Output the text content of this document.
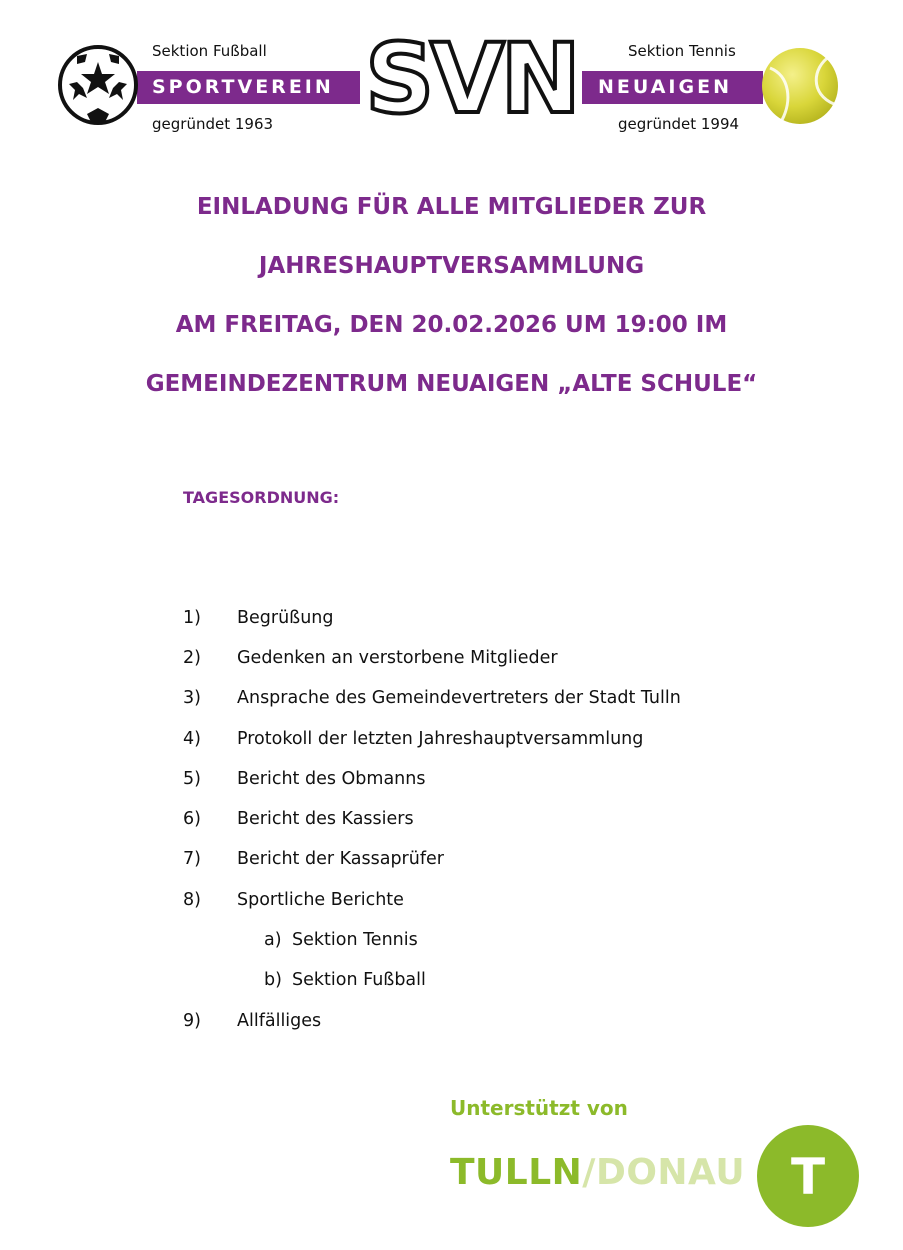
Sektion Fußball	Sektion Tennis
SPORTVEREIN	NEUAIGEN
SVN
gegründet 1963	gegründet 1994
EINLADUNG FÜR ALLE MITGLIEDER ZUR
JAHRESHAUPTVERSAMMLUNG
AM FREITAG, DEN 20.02.2026 UM 19:00 IM
GEMEINDEZENTRUM NEUAIGEN „ALTE SCHULE“
TAGESORDNUNG:
1) Begrüßung
2) Gedenken an verstorbene Mitglieder
3) Ansprache des Gemeindevertreters der Stadt Tulln
4) Protokoll der letzten Jahreshauptversammlung
5) Bericht des Obmanns
6) Bericht des Kassiers
7) Bericht der Kassaprüfer
8) Sportliche Berichte
a) Sektion Tennis
b) Sektion Fußball
9) Allfälliges
Unterstützt von
TULLN/DONAU T
